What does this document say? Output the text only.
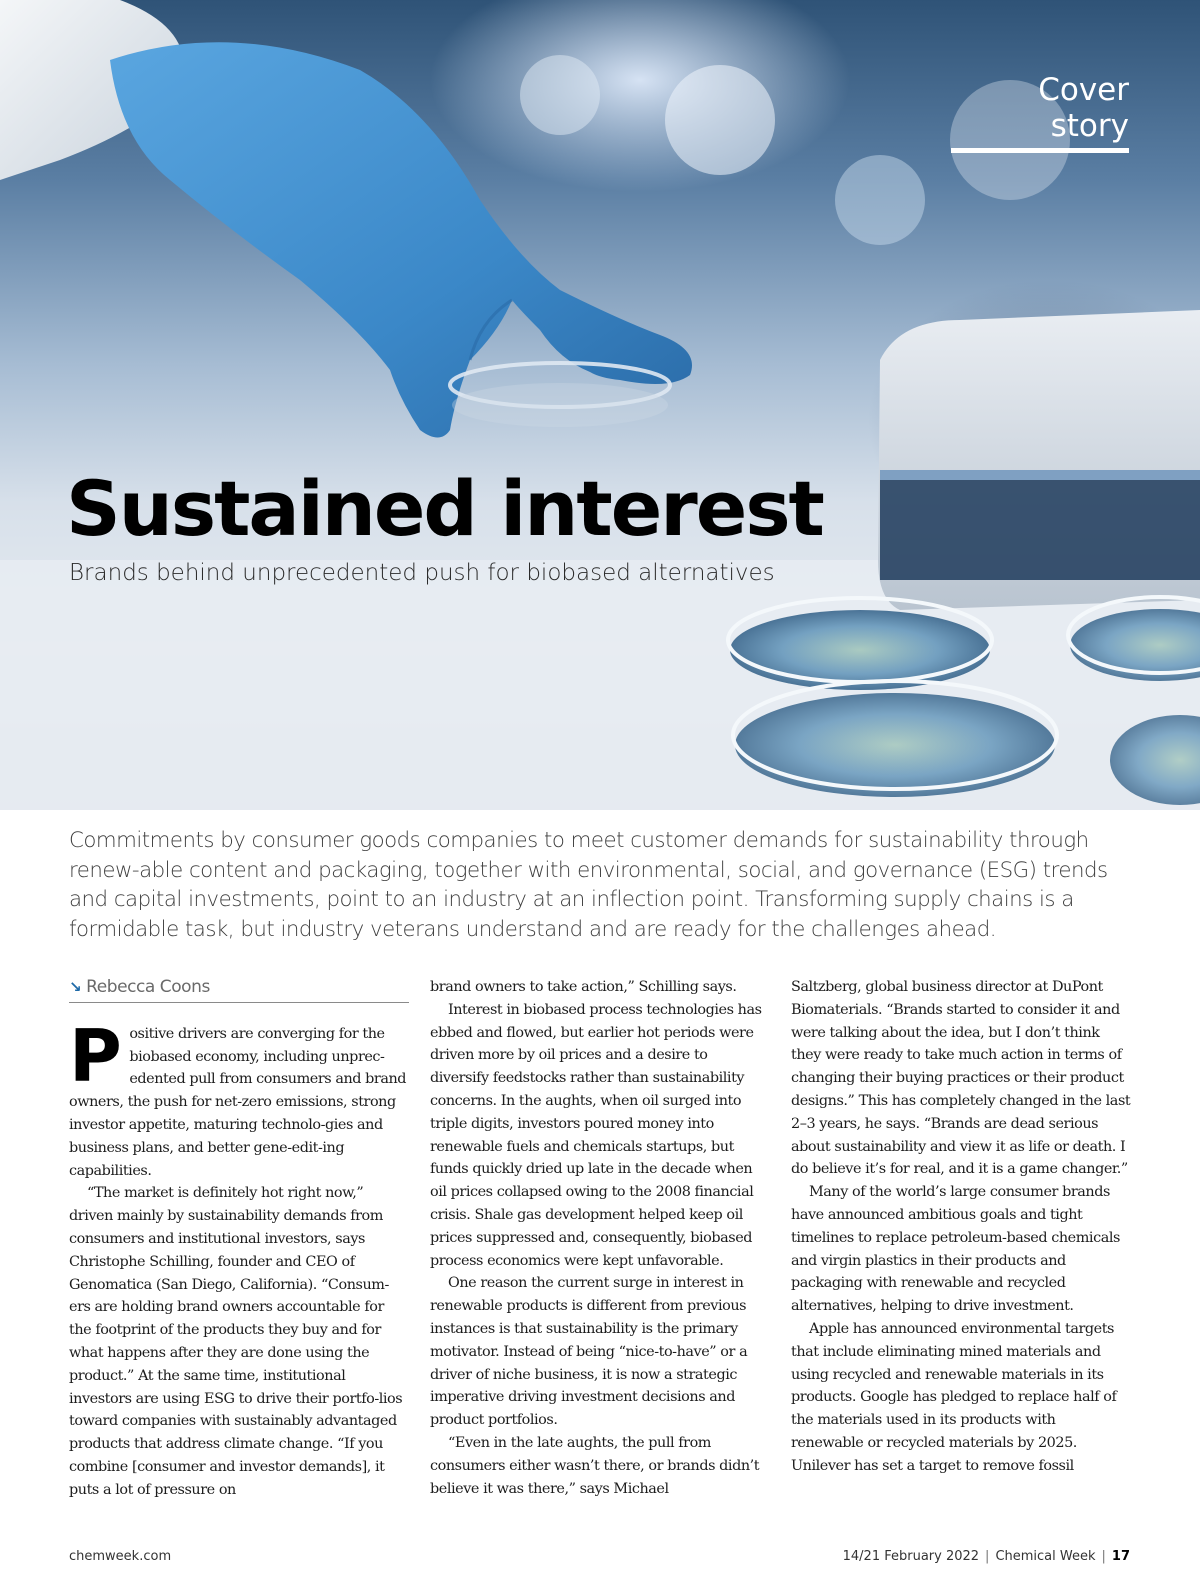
Cover story
Sustained interest

Brands behind unprecedented push for biobased alternatives

Commitments by consumer goods companies to meet customer demands for sustainability through renew-able content and packaging, together with environmental, social, and governance (ESG) trends and capital investments, point to an industry at an inflection point. Transforming supply chains is a formidable task, but industry veterans understand and are ready for the challenges ahead.

↘ Rebecca Coons
P ositive drivers are converging for the biobased economy, including unprec-edented pull from consumers and brand owners, the push for net-zero emissions, strong investor appetite, maturing technolo-gies and business plans, and better gene-edit-ing capabilities.

“The market is definitely hot right now,” driven mainly by sustainability demands from consumers and institutional investors, says Christophe Schilling, founder and CEO of Genomatica (San Diego, California). “Consum-ers are holding brand owners accountable for the footprint of the products they buy and for what happens after they are done using the product.” At the same time, institutional investors are using ESG to drive their portfo-lios toward companies with sustainably advantaged products that address climate change. “If you combine [consumer and investor demands], it puts a lot of pressure on

brand owners to take action,” Schilling says.

Interest in biobased process technologies has ebbed and flowed, but earlier hot periods were driven more by oil prices and a desire to diversify feedstocks rather than sustainability concerns. In the aughts, when oil surged into triple digits, investors poured money into renewable fuels and chemicals startups, but funds quickly dried up late in the decade when oil prices collapsed owing to the 2008 financial crisis. Shale gas development helped keep oil prices suppressed and, consequently, biobased process economics were kept unfavorable.

One reason the current surge in interest in renewable products is different from previous instances is that sustainability is the primary motivator. Instead of being “nice-to-have” or a driver of niche business, it is now a strategic imperative driving investment decisions and product portfolios.

“Even in the late aughts, the pull from consumers either wasn’t there, or brands didn’t believe it was there,” says Michael

Saltzberg, global business director at DuPont Biomaterials. “Brands started to consider it and were talking about the idea, but I don’t think they were ready to take much action in terms of changing their buying practices or their product designs.” This has completely changed in the last 2–3 years, he says. “Brands are dead serious about sustainability and view it as life or death. I do believe it’s for real, and it is a game changer.”

Many of the world’s large consumer brands have announced ambitious goals and tight timelines to replace petroleum-based chemicals and virgin plastics in their products and packaging with renewable and recycled alternatives, helping to drive investment.

Apple has announced environmental targets that include eliminating mined materials and using recycled and renewable materials in its products. Google has pledged to replace half of the materials used in its products with renewable or recycled materials by 2025. Unilever has set a target to remove fossil

chemweek.com	14/21 February 2022 | Chemical Week | 17
